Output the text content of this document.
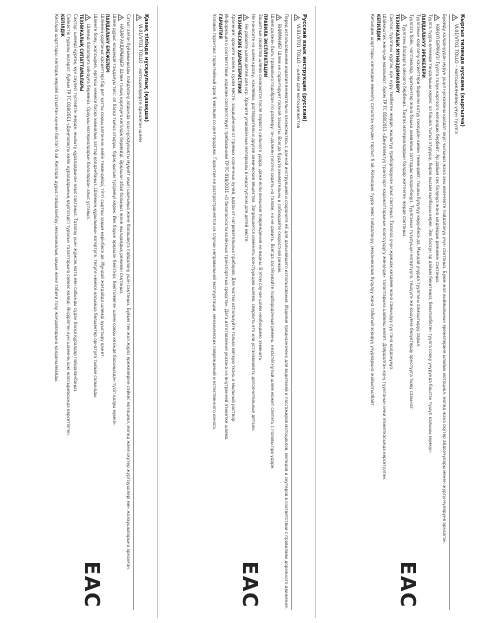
Қазақ тілінде нұсқаулық (қазақша)
VL01/VT01 TOLLO – мотоциклдерге арналған шлем

Сатып алған бұйымыңызды пайдалану алдында осы нұсқаулықты мұқият оқып шығыңыз және болашақта пайдалану үшін сақтаңыз. Бұйым тек жол жүрісі ережелеріне сәйкес мотоцикл, мопед және скутер жүргізушілері мен жолаушыларына арналған.

НАЗАР АУДАРЫҢЫЗ! Шлем толық қорғауға кепілдік бермейді. Әрқашан абай болыңыз және жылдамдық режимін сақтаңыз.

Шлем дұрыс өлшемде таңдалуы тиіс: ол басқа тығыз отыруы, бірақ қысым түсірмеуі керек. Иек бауын әрқашан бекітіңіз; бекітілмеген шлем соққы кезінде басыңыздан түсіп қалуы мүмкін.

ПАЙДАЛАНУ ЕРЕЖЕЛЕРІ

Шлемнің қорғаныс қасиеттері бір рет қатты соққы алғаннан кейін төмендейді, тіпті сыртқы зақым көрінбесе де. Мұндай жағдайда шлемді ауыстыру қажет.

Шлемге бояу, жапсырма, еріткіш немесе басқа химиялық заттар қолданбаңыз. Шлемнің құрылымын өзгертуге, тесуге немесе қосымша бөлшектер орнатуға тыйым салынады.

Шлемді балаларға ойнауға бермеңіз. Орауыш материалдарын балалардан алыс ұстаңыз.
ТЕХНИКАЛЫҚ СИПАТТАМАЛАРЫ

Сақтау: шлемді құрғақ, күн сәулесі түспейтін жерде, жылыту құралдарынан алыс сақтаңыз. Тазалау үшін жұмсақ мата мен сабынды судан басқа құралдар пайдаланбаңыз.

Сәйкестік туралы ақпарат: бұйым ТР ТС 018/2011 «Доңғалақты көлік құралдарының қауіпсіздігі туралы» талаптарына сәйкес келеді. Өндірілген күні шлемнің ішкі жапсырмасында көрсетілген.

КЕПІЛДІК

Кепілдік шарттары: кепілдік мерзімі сатылған күннен бастап 6 ай. Кепілдік дұрыс пайдаланбау, механикалық зақым және табиғи тозу жағдайларына қолданылмайды.

EAC
Русский язык инструкция (русский)
VL01/VT01 TOLLO – шлем для мотоциклистов

Перед использованием изделия внимательно ознакомьтесь с данной инструкцией и сохраните её для дальнейшего использования. Изделие предназначено для водителей и пассажиров мотоциклов, мопедов и скутеров в соответствии с правилами дорожного движения.

ВНИМАНИЕ! Шлем не гарантирует полной защиты. Всегда будьте внимательны и соблюдайте скоростной режим.

Шлем должен быть правильно подобран по размеру: он должен плотно сидеть на голове, но не давить. Всегда застёгивайте подбородочный ремень; незастёгнутый шлем может слететь с головы при ударе.

ПРАВИЛА ЭКСПЛУАТАЦИИ

Защитные свойства шлема снижаются после первого сильного удара, даже если внешние повреждения не видны. В этом случае шлем необходимо заменить.

Не наносите на шлем краску, наклейки, растворители и другие химические вещества. Запрещается изменять конструкцию шлема, сверлить его или устанавливать дополнительные детали.

Не давайте шлем детям для игр. Храните упаковочные материалы в недоступном для детей месте.
ТЕХНИЧЕСКИЕ ХАРАКТЕРИСТИКИ

Хранение: храните шлем в сухом месте, защищённом от прямых солнечных лучей, вдали от нагревательных приборов. Для чистки используйте только мягкую ткань и мыльный раствор.

Информация о соответствии: изделие соответствует требованиям ТР ТС 018/2011 «О безопасности колёсных транспортных средств». Дата изготовления указана на внутренней этикетке шлема.

ГАРАНТИЯ

Условия гарантии: гарантийный срок 6 месяцев со дня продажи. Гарантия не распространяется на случаи неправильной эксплуатации, механических повреждений и естественного износа.

EAC
Кыргыз тилинде нускама (кыргызча)
VL01/VT01 TOLLO – мотоциклчилер үчүн туулга

Буюмду колдонуудан мурун ушул нускаманы кылдат окуп чыгыңыз жана аны келечекте пайдалануу үчүн сактаңыз. Буюм жол кыймылынын эрежелерине ылайык мотоцикл, мопед жана скутер айдоочулары менен жүргүнчүлөрүнө арналган.

КӨҢҮЛ БУРУҢУЗ! Туулга толук коргоого кепилдик бербейт. Ар дайым сак болуңуз жана ылдамдык режимин сактаңыз.

Туулга туура өлчөмдө тандалышы керек: ал башка тыгыз отурушу, бирок кысым кылбашы керек. Ээк боосун ар дайым бекитиңиз; бекитилбеген туулга сокку учурунда баштан түшүп калышы мүмкүн.

ПАЙДАЛАНУУ ЭРЕЖЕЛЕРИ

Туулганын коргоочу касиеттери биринчи катуу соккудан кийин төмөндөйт, тышкы бузулуу көрүнбөсө да. Мындай учурда туулганы алмаштыруу зарыл.

Туулгага боёк, чаптамалар, эриткичтер жана башка химиялык заттарды колдонбоңуз. Туулганын түзүлүшүн өзгөртүүгө, тешүүгө же кошумча бөлүктөрдү орнотууга тыюу салынат.

Туулганы балдарга ойноого бербеңиз. Таңгак материалдарын балдар жетпеген жерде сактаңыз.
ТЕХНИКАЛЫК МҮНӨЗДӨМӨЛӨРҮ

Сактоо: туулганы кургак, күн нуру тийбеген жерде, жылытуу приборлорунан алыс сактаңыз. Тазалоо үчүн жумшак кездеме жана самындуу суу гана колдонуңуз.

Шайкештик жөнүндө маалымат: буюм ТР ТС 018/2011 «Дөңгөлөктүү транспорт каражаттарынын коопсуздугу жөнүндө» талаптарына шайкеш келет. Даярдалган күнү туулганын ички этикеткасында көрсөтүлгөн.

КЕПИЛДИК

Кепилдик шарттары: кепилдик мөөнөтү сатылган күндөн тартып 6 ай. Кепилдик туура эмес пайдалануу, механикалык бузулуу жана табигый эскирүү учурларына жайылтылбайт.

EAC
